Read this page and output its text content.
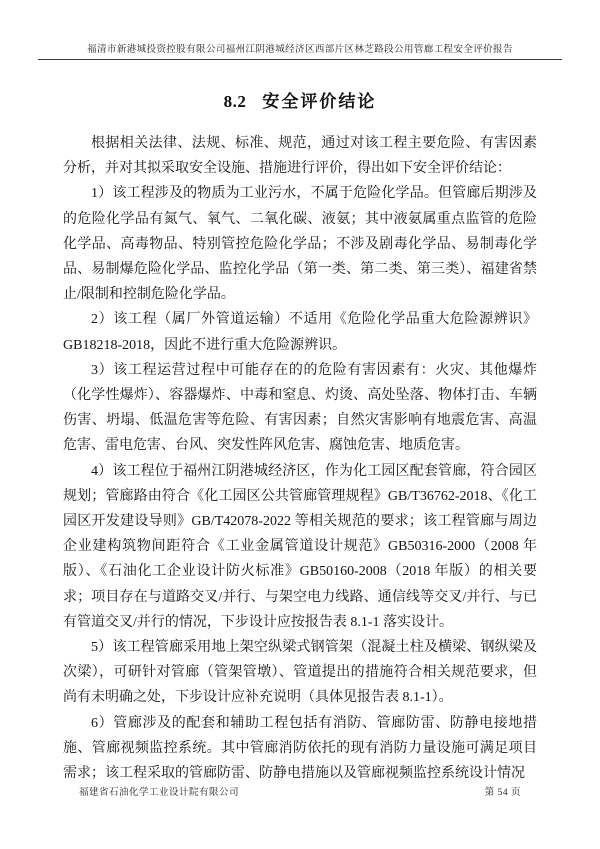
福清市新港城投资控股有限公司福州江阴港城经济区西部片区林芝路段公用管廊工程安全评价报告
8.2 安全评价结论

根据相关法律、法规、标准、规范，通过对该工程主要危险、有害因素分析，并对其拟采取安全设施、措施进行评价，得出如下安全评价结论：

1）该工程涉及的物质为工业污水，不属于危险化学品。但管廊后期涉及的危险化学品有氮气、氧气、二氧化碳、液氨；其中液氨属重点监管的危险化学品、高毒物品、特别管控危险化学品；不涉及剧毒化学品、易制毒化学品、易制爆危险化学品、监控化学品（第一类、第二类、第三类）、福建省禁止/限制和控制危险化学品。

2）该工程（属厂外管道运输）不适用《危险化学品重大危险源辨识》GB18218-2018，因此不进行重大危险源辨识。

3）该工程运营过程中可能存在的的危险有害因素有：火灾、其他爆炸（化学性爆炸）、容器爆炸、中毒和窒息、灼烫、高处坠落、物体打击、车辆伤害、坍塌、低温危害等危险、有害因素；自然灾害影响有地震危害、高温危害、雷电危害、台风、突发性阵风危害、腐蚀危害、地质危害。

4）该工程位于福州江阴港城经济区，作为化工园区配套管廊，符合园区规划；管廊路由符合《化工园区公共管廊管理规程》GB/T36762-2018、《化工园区开发建设导则》GB/T42078-2022 等相关规范的要求；该工程管廊与周边企业建构筑物间距符合《工业金属管道设计规范》GB50316-2000（2008 年版）、《石油化工企业设计防火标准》GB50160-2008（2018 年版）的相关要求；项目存在与道路交叉/并行、与架空电力线路、通信线等交叉/并行、与已有管道交叉/并行的情况，下步设计应按报告表 8.1-1 落实设计。

5）该工程管廊采用地上架空纵梁式钢管架（混凝土柱及横梁、钢纵梁及次梁），可研针对管廊（管架管墩）、管道提出的措施符合相关规范要求，但尚有未明确之处，下步设计应补充说明（具体见报告表 8.1-1）。

6）管廊涉及的配套和辅助工程包括有消防、管廊防雷、防静电接地措施、管廊视频监控系统。其中管廊消防依托的现有消防力量设施可满足项目需求；该工程采取的管廊防雷、防静电措施以及管廊视频监控系统设计情况

福建省石油化学工业设计院有限公司	第 54 页
